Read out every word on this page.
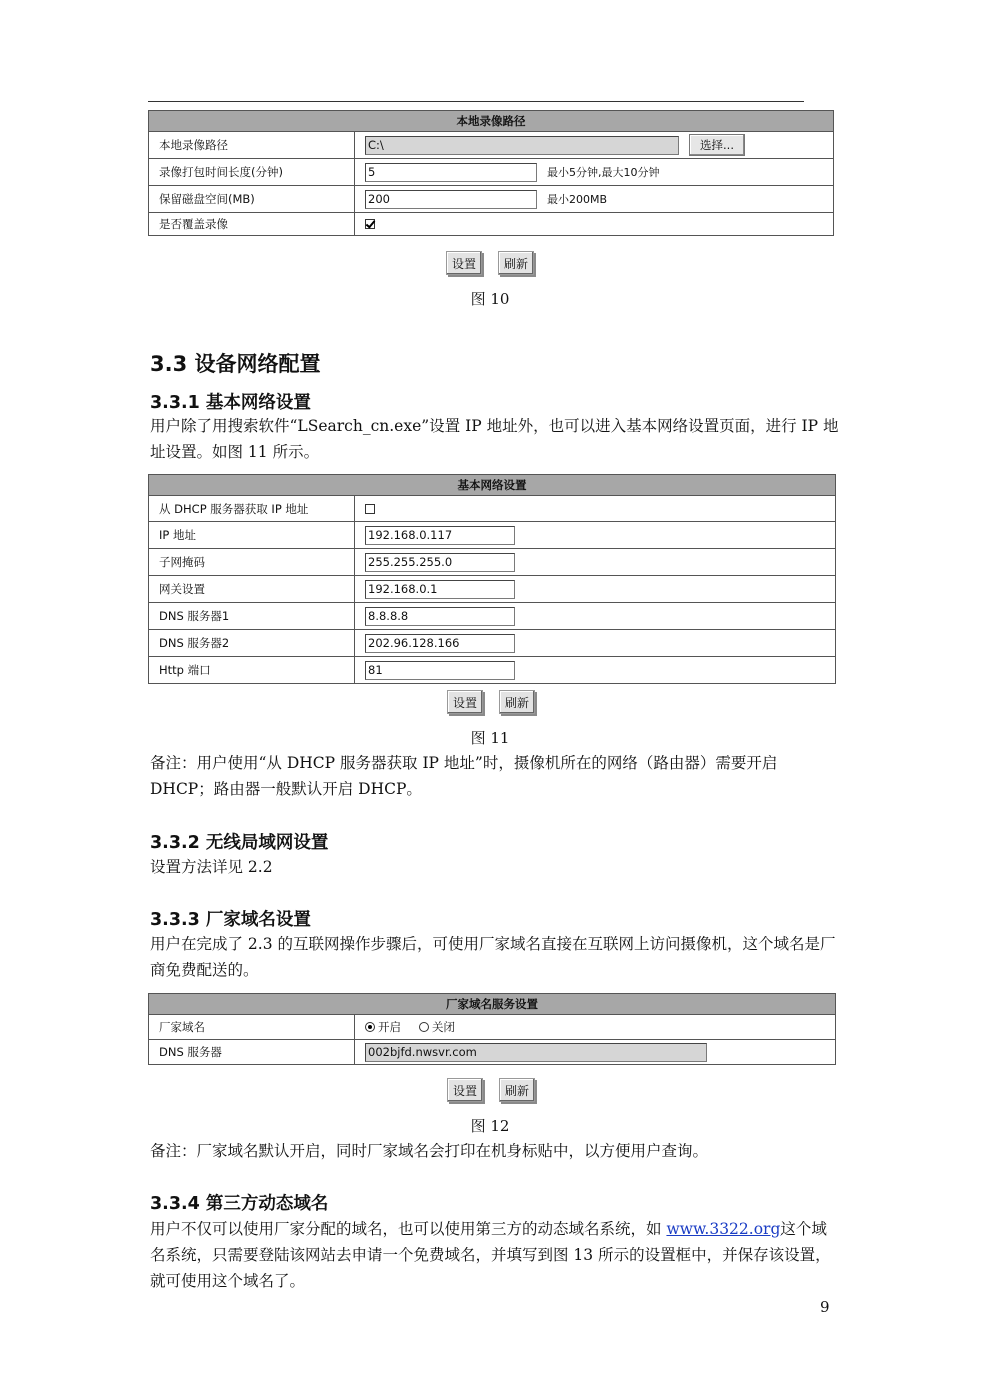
本地录像路径
本地录像路径	C:\	选择...
录像打包时间长度(分钟)	5	最小5分钟,最大10分钟
保留磁盘空间(MB)	200	最小200MB
是否覆盖录像
设置	刷新
图 10
3.3 设备网络配置
3.3.1 基本网络设置
用户除了用搜索软件“LSearch_cn.exe”设置 IP 地址外，也可以进入基本网络设置页面，进行 IP 地址设置。如图 11 所示。
基本网络设置
从 DHCP 服务器获取 IP 地址
IP 地址	192.168.0.117
子网掩码	255.255.255.0
网关设置	192.168.0.1
DNS 服务器1	8.8.8.8
DNS 服务器2	202.96.128.166
Http 端口	81
设置	刷新
图 11
备注：用户使用“从 DHCP 服务器获取 IP 地址”时，摄像机所在的网络（路由器）需要开启 DHCP；路由器一般默认开启 DHCP。
3.3.2 无线局域网设置
设置方法详见 2.2
3.3.3 厂家域名设置
用户在完成了 2.3 的互联网操作步骤后，可使用厂家域名直接在互联网上访问摄像机，这个域名是厂商免费配送的。
厂家域名服务设置
厂家域名	开启	关闭
DNS 服务器	002bjfd.nwsvr.com
设置	刷新
图 12
备注：厂家域名默认开启，同时厂家域名会打印在机身标贴中，以方便用户查询。
3.3.4 第三方动态域名
用户不仅可以使用厂家分配的域名，也可以使用第三方的动态域名系统，如 www.3322.org这个域名系统，只需要登陆该网站去申请一个免费域名，并填写到图 13 所示的设置框中，并保存该设置，就可使用这个域名了。
9
